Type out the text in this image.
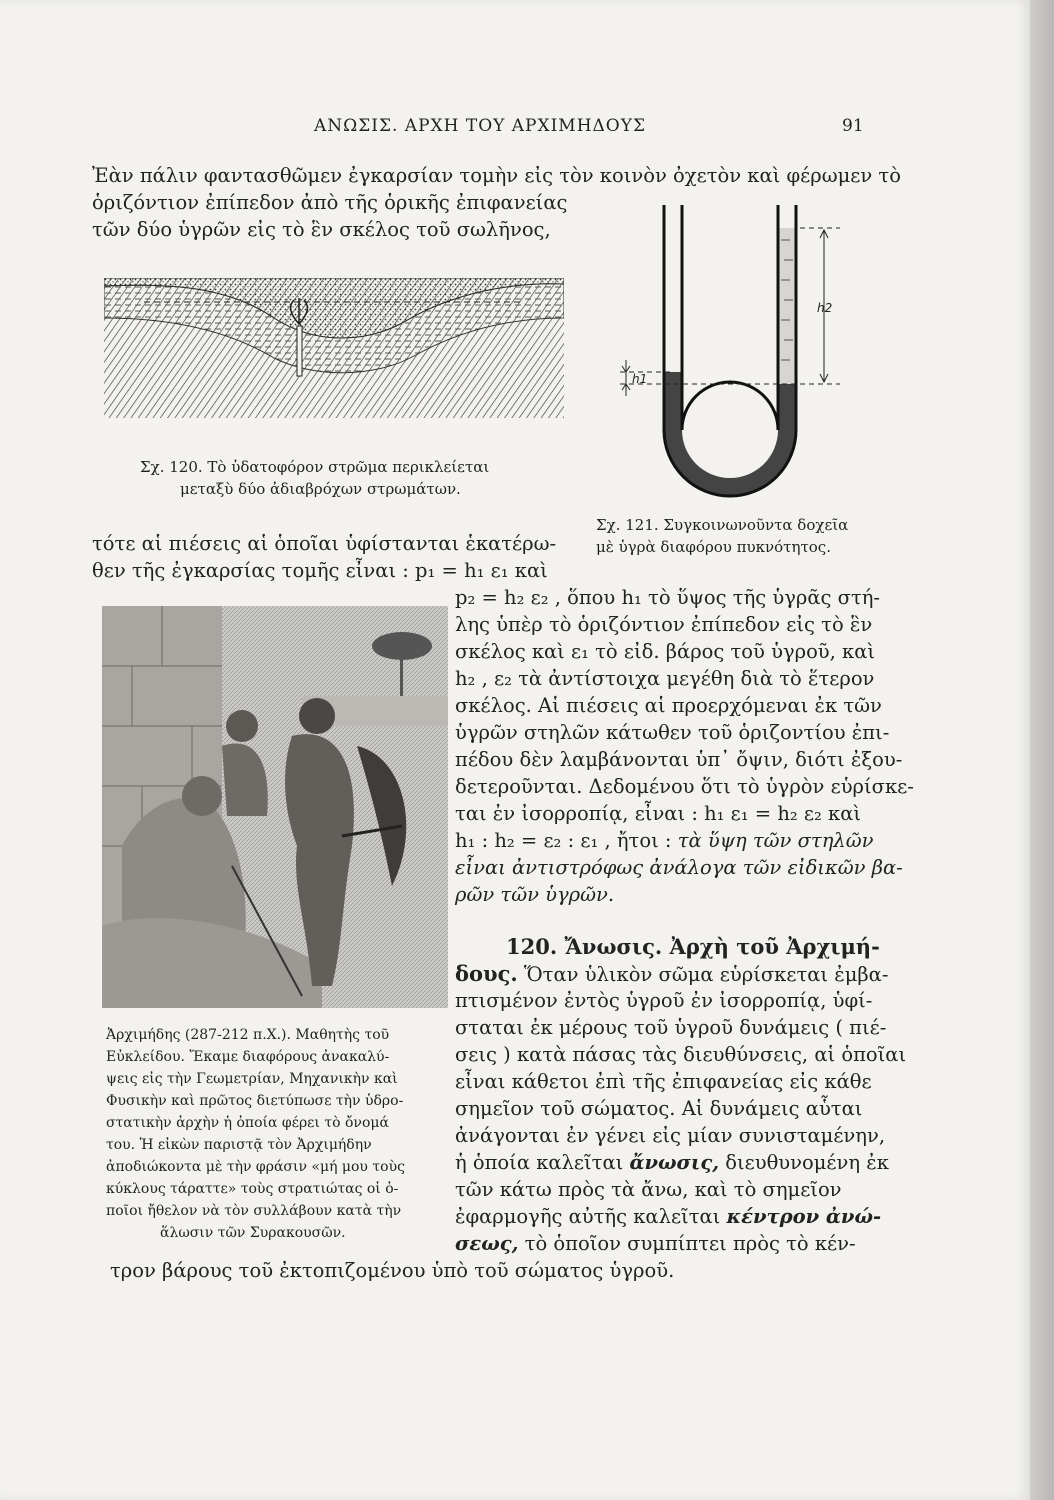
ΑΝΩΣΙΣ. ΑΡΧΗ ΤΟΥ ΑΡΧΙΜΗΔΟΥΣ	91
Ἐὰν πάλιν φαντασθῶμεν ἐγκαρσίαν τομὴν εἰς τὸν κοινὸν ὀχετὸν καὶ φέρωμεν τὸ
ὁριζόντιον ἐπίπεδον ἀπὸ τῆς ὁρικῆς ἐπιφανείας
τῶν δύο ὑγρῶν εἰς τὸ ἓν σκέλος τοῦ σωλῆνος,
Σχ. 120. Τὸ ὑδατοφόρον στρῶμα περικλείεται
μεταξὺ δύο ἀδιαβρόχων στρωμάτων.
h2
h1
Σχ. 121. Συγκοινωνοῦντα δοχεῖα
μὲ ὑγρὰ διαφόρου πυκνότητος.
τότε αἱ πιέσεις αἱ ὁποῖαι ὑφίστανται ἑκατέρω-
θεν τῆς ἐγκαρσίας τομῆς εἶναι : p₁ = h₁ ε₁ καὶ
p₂ = h₂ ε₂ , ὅπου h₁ τὸ ὕψος τῆς ὑγρᾶς στή-
λης ὑπὲρ τὸ ὁριζόντιον ἐπίπεδον εἰς τὸ ἓν
σκέλος καὶ ε₁ τὸ εἰδ. βάρος τοῦ ὑγροῦ, καὶ
h₂ , ε₂ τὰ ἀντίστοιχα μεγέθη διὰ τὸ ἕτερον
σκέλος. Αἱ πιέσεις αἱ προερχόμεναι ἐκ τῶν
ὑγρῶν στηλῶν κάτωθεν τοῦ ὁριζοντίου ἐπι-
πέδου δὲν λαμβάνονται ὑπ᾽ ὄψιν, διότι ἐξου-
δετεροῦνται. Δεδομένου ὅτι τὸ ὑγρὸν εὑρίσκε-
ται ἐν ἰσορροπίᾳ, εἶναι : h₁ ε₁ = h₂ ε₂ καὶ
h₁ : h₂ = ε₂ : ε₁ , ἤτοι : τὰ ὕψη τῶν στηλῶν
εἶναι ἀντιστρόφως ἀνάλογα τῶν εἰδικῶν βα-
ρῶν τῶν ὑγρῶν.
120. Ἄνωσις. Ἀρχὴ τοῦ Ἀρχιμή-
δους. Ὅταν ὑλικὸν σῶμα εὑρίσκεται ἐμβα-
πτισμένον ἐντὸς ὑγροῦ ἐν ἰσορροπίᾳ, ὑφί-
σταται ἐκ μέρους τοῦ ὑγροῦ δυνάμεις ( πιέ-
σεις ) κατὰ πάσας τὰς διευθύνσεις, αἱ ὁποῖαι
εἶναι κάθετοι ἐπὶ τῆς ἐπιφανείας εἰς κάθε
σημεῖον τοῦ σώματος. Αἱ δυνάμεις αὗται
ἀνάγονται ἐν γένει εἰς μίαν συνισταμένην,
ἡ ὁποία καλεῖται ἄνωσις, διευθυνομένη ἐκ
τῶν κάτω πρὸς τὰ ἄνω, καὶ τὸ σημεῖον
ἐφαρμογῆς αὐτῆς καλεῖται κέντρον ἀνώ-
σεως, τὸ ὁποῖον συμπίπτει πρὸς τὸ κέν-
τρον βάρους τοῦ ἐκτοπιζομένου ὑπὸ τοῦ σώματος ὑγροῦ.
Ἀρχιμήδης (287-212 π.Χ.). Μαθητὴς τοῦ
Εὐκλείδου. Ἔκαμε διαφόρους ἀνακαλύ-
ψεις εἰς τὴν Γεωμετρίαν, Μηχανικὴν καὶ
Φυσικὴν καὶ πρῶτος διετύπωσε τὴν ὑδρο-
στατικὴν ἀρχὴν ἡ ὁποία φέρει τὸ ὄνομά
του. Ἡ εἰκὼν παριστᾷ τὸν Ἀρχιμήδην
ἀποδιώκοντα μὲ τὴν φράσιν «μή μου τοὺς
κύκλους τάραττε» τοὺς στρατιώτας οἱ ὁ-
ποῖοι ἤθελον νὰ τὸν συλλάβουν κατὰ τὴν
ἅλωσιν τῶν Συρακουσῶν.
